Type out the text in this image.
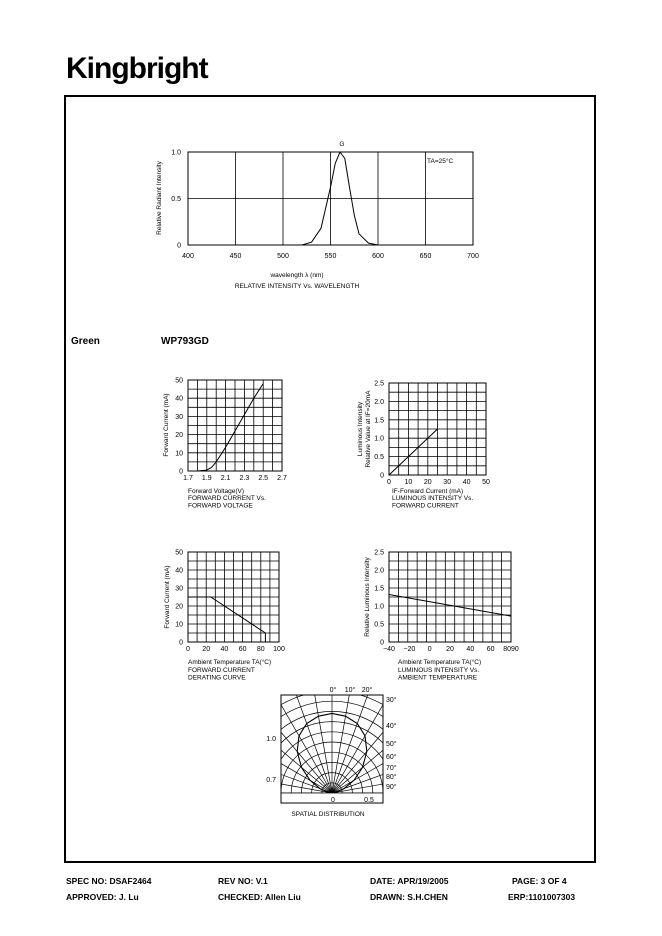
Kingbright
Green	WP793GD
400	450	500	550	600	650	700
0
0.5
1.0
G
TA=25°C
Relative Radiant Intensity
wavelength λ (nm)
RELATIVE INTENSITY Vs. WAVELENGTH
1.7 1.9 2.1 2.3 2.5 2.7
0
10
20
30
40
50
Forward Current (mA)
Forward Voltage(V)
FORWARD CURRENT Vs.
FORWARD VOLTAGE
0 10 20 30 40 50
0
0.5
1.0
1.5
2.0
2.5
Luminous Intensity Relative Value at IF=20mA
IF-Forward Current (mA)
LUMINOUS INTENSITY Vs.
FORWARD CURRENT
0 20 40 60 80 100
0
10
20
30
40
50
Forward Current (mA)
Ambient Temperature TA(°C)
FORWARD CURRENT
DERATING CURVE
−40 −20 0 20 40 60 8090
0
0.5
1.0
1.5
2.0
2.5
Relative Luminous Intensity
Ambient Temperature TA(°C)
LUMINOUS INTENSITY Vs.
AMBIENT TEMPERATURE
0° 10° 20°
30°
40°
50°
60°
70°
80°
90°
1.0
0.7
0	0.5
SPATIAL DISTRIBUTION
SPEC NO: DSAF2464	REV NO: V.1	DATE: APR/19/2005	PAGE: 3 OF 4
APPROVED: J. Lu	CHECKED: Allen Liu	DRAWN: S.H.CHEN	ERP:1101007303
